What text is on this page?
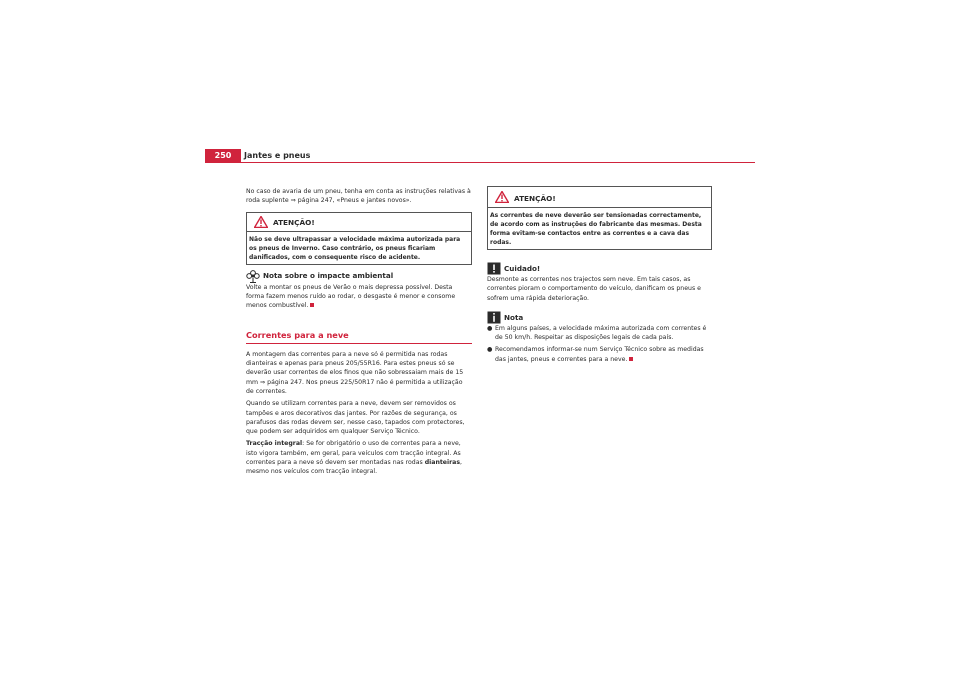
250	Jantes e pneus

No caso de avaria de um pneu, tenha em conta as instruções relativas à roda suplente ⇒ página 247, «Pneus e jantes novos».

ATENÇÃO!
Não se deve ultrapassar a velocidade máxima autorizada para os pneus de Inverno. Caso contrário, os pneus ficariam danificados, com o consequente risco de acidente.
Nota sobre o impacte ambiental

Volte a montar os pneus de Verão o mais depressa possível. Desta forma fazem menos ruído ao rodar, o desgaste é menor e consome menos combustível.

Correntes para a neve

A montagem das correntes para a neve só é permitida nas rodas dianteiras e apenas para pneus 205/55R16. Para estes pneus só se deverão usar correntes de elos finos que não sobressaiam mais de 15 mm ⇒ página 247. Nos pneus 225/50R17 não é permitida a utilização de correntes.

Quando se utilizam correntes para a neve, devem ser removidos os tampões e aros decorativos das jantes. Por razões de segurança, os parafusos das rodas devem ser, nesse caso, tapados com protectores, que podem ser adquiridos em qualquer Serviço Técnico.

Tracção integral: Se for obrigatório o uso de correntes para a neve, isto vigora também, em geral, para veículos com tracção integral. As correntes para a neve só devem ser montadas nas rodas dianteiras, mesmo nos veículos com tracção integral.

ATENÇÃO!
As correntes de neve deverão ser tensionadas correctamente, de acordo com as instruções do fabricante das mesmas. Desta forma evitam-se contactos entre as correntes e a cava das rodas.
Cuidado!

Desmonte as correntes nos trajectos sem neve. Em tais casos, as correntes pioram o comportamento do veículo, danificam os pneus e sofrem uma rápida deterioração.

Nota
● Em alguns países, a velocidade máxima autorizada com correntes é de 50 km/h. Respeitar as disposições legais de cada país.
● Recomendamos informar-se num Serviço Técnico sobre as medidas das jantes, pneus e correntes para a neve.
